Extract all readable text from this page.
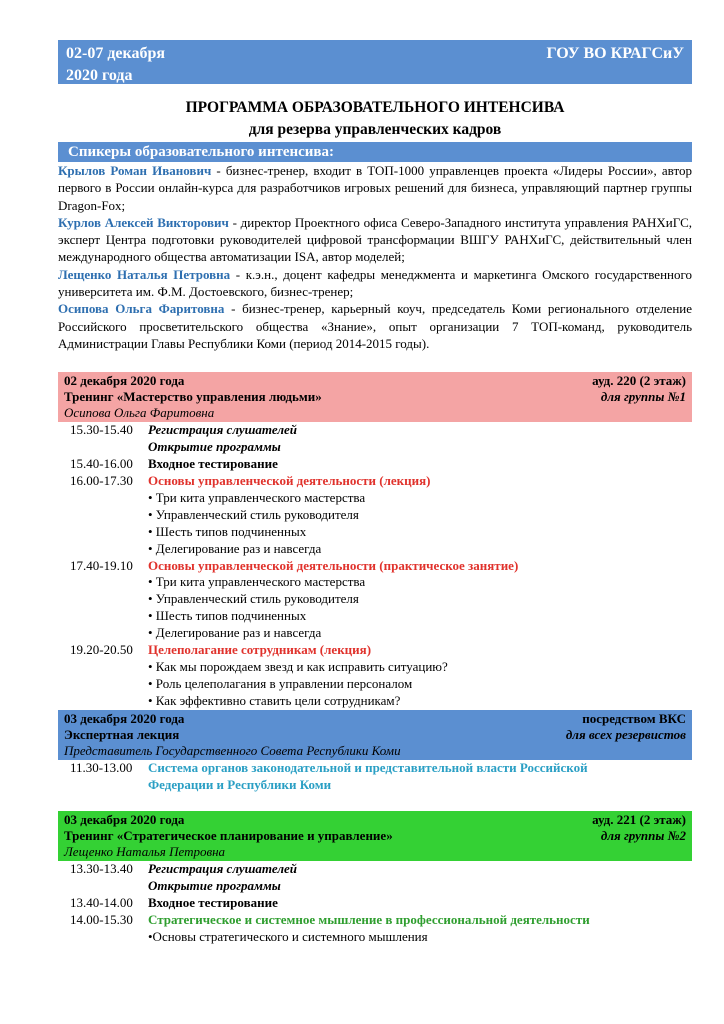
02-07 декабря
2020 года
ГОУ ВО КРАГСиУ
ПРОГРАММА ОБРАЗОВАТЕЛЬНОГО ИНТЕНСИВА
для резерва управленческих кадров
Спикеры образовательного интенсива:
Крылов Роман Иванович - бизнес-тренер, входит в ТОП-1000 управленцев проекта «Лидеры России», автор первого в России онлайн-курса для разработчиков игровых решений для бизнеса, управляющий партнер группы Dragon-Fox;
Курлов Алексей Викторович - директор Проектного офиса Северо-Западного института управления РАНХиГС, эксперт Центра подготовки руководителей цифровой трансформации ВШГУ РАНХиГС, действительный член международного общества автоматизации ISA, автор моделей;
Лещенко Наталья Петровна - к.э.н., доцент кафедры менеджмента и маркетинга Омского государственного университета им. Ф.М. Достоевского, бизнес-тренер;
Осипова Ольга Фаритовна - бизнес-тренер, карьерный коуч, председатель Коми регионального отделение Российского просветительского общества «Знание», опыт организации 7 ТОП-команд, руководитель Администрации Главы Республики Коми (период 2014-2015 годы).
02 декабря 2020 года	ауд. 220 (2 этаж)
Тренинг «Мастерство управления людьми»	для группы №1
Осипова Ольга Фаритовна
15.30-15.40	Регистрация слушателей
Открытие программы
15.40-16.00	Входное тестирование
16.00-17.30	Основы управленческой деятельности (лекция)
• Три кита управленческого мастерства
• Управленческий стиль руководителя
• Шесть типов подчиненных
• Делегирование раз и навсегда
17.40-19.10	Основы управленческой деятельности (практическое занятие)
• Три кита управленческого мастерства
• Управленческий стиль руководителя
• Шесть типов подчиненных
• Делегирование раз и навсегда
19.20-20.50	Целеполагание сотрудникам (лекция)
• Как мы порождаем звезд и как исправить ситуацию?
• Роль целеполагания в управлении персоналом
• Как эффективно ставить цели сотрудникам?
03 декабря 2020 года	посредством ВКС
Экспертная лекция	для всех резервистов
Представитель Государственного Совета Республики Коми
11.30-13.00	Система органов законодательной и представительной власти Российской
Федерации и Республики Коми
03 декабря 2020 года	ауд. 221 (2 этаж)
Тренинг «Стратегическое планирование и управление»	для группы №2
Лещенко Наталья Петровна
13.30-13.40	Регистрация слушателей
Открытие программы
13.40-14.00	Входное тестирование
14.00-15.30	Стратегическое и системное мышление в профессиональной деятельности
•Основы стратегического и системного мышления
